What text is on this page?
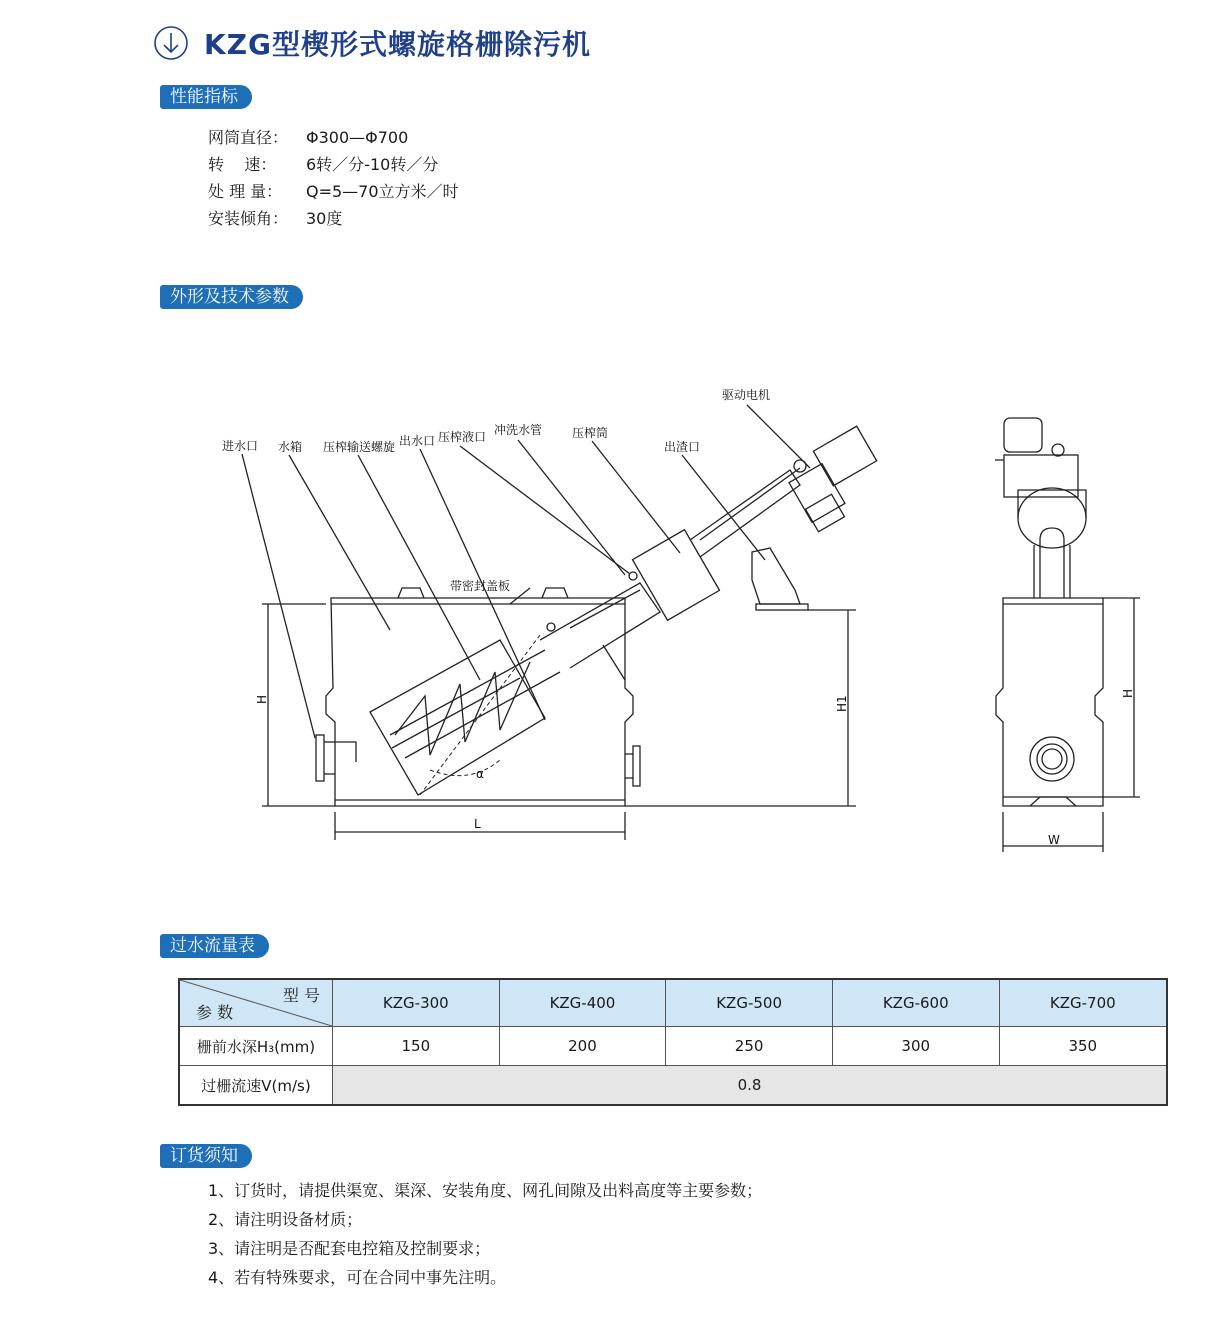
KZG型楔形式螺旋格栅除污机
性能指标
网筒直径：	Φ300—Φ700
转    速：	6转／分-10转／分
处 理 量：	Q=5—70立方米／时
安装倾角：	30度
外形及技术参数
进水口 水箱 压榨输送螺旋 出水口 压榨液口 冲洗水管 压榨筒
出渣口
驱动电机
带密封盖板
H	H1
L
W
H
α
过水流量表
型 号
参 数	KZG-300	KZG-400	KZG-500	KZG-600	KZG-700
栅前水深H₃(mm)	150	200	250	300	350
过栅流速V(m/s)	0.8				
订货须知
1、订货时，请提供渠宽、渠深、安装角度、网孔间隙及出料高度等主要参数；
2、请注明设备材质；
3、请注明是否配套电控箱及控制要求；
4、若有特殊要求，可在合同中事先注明。
